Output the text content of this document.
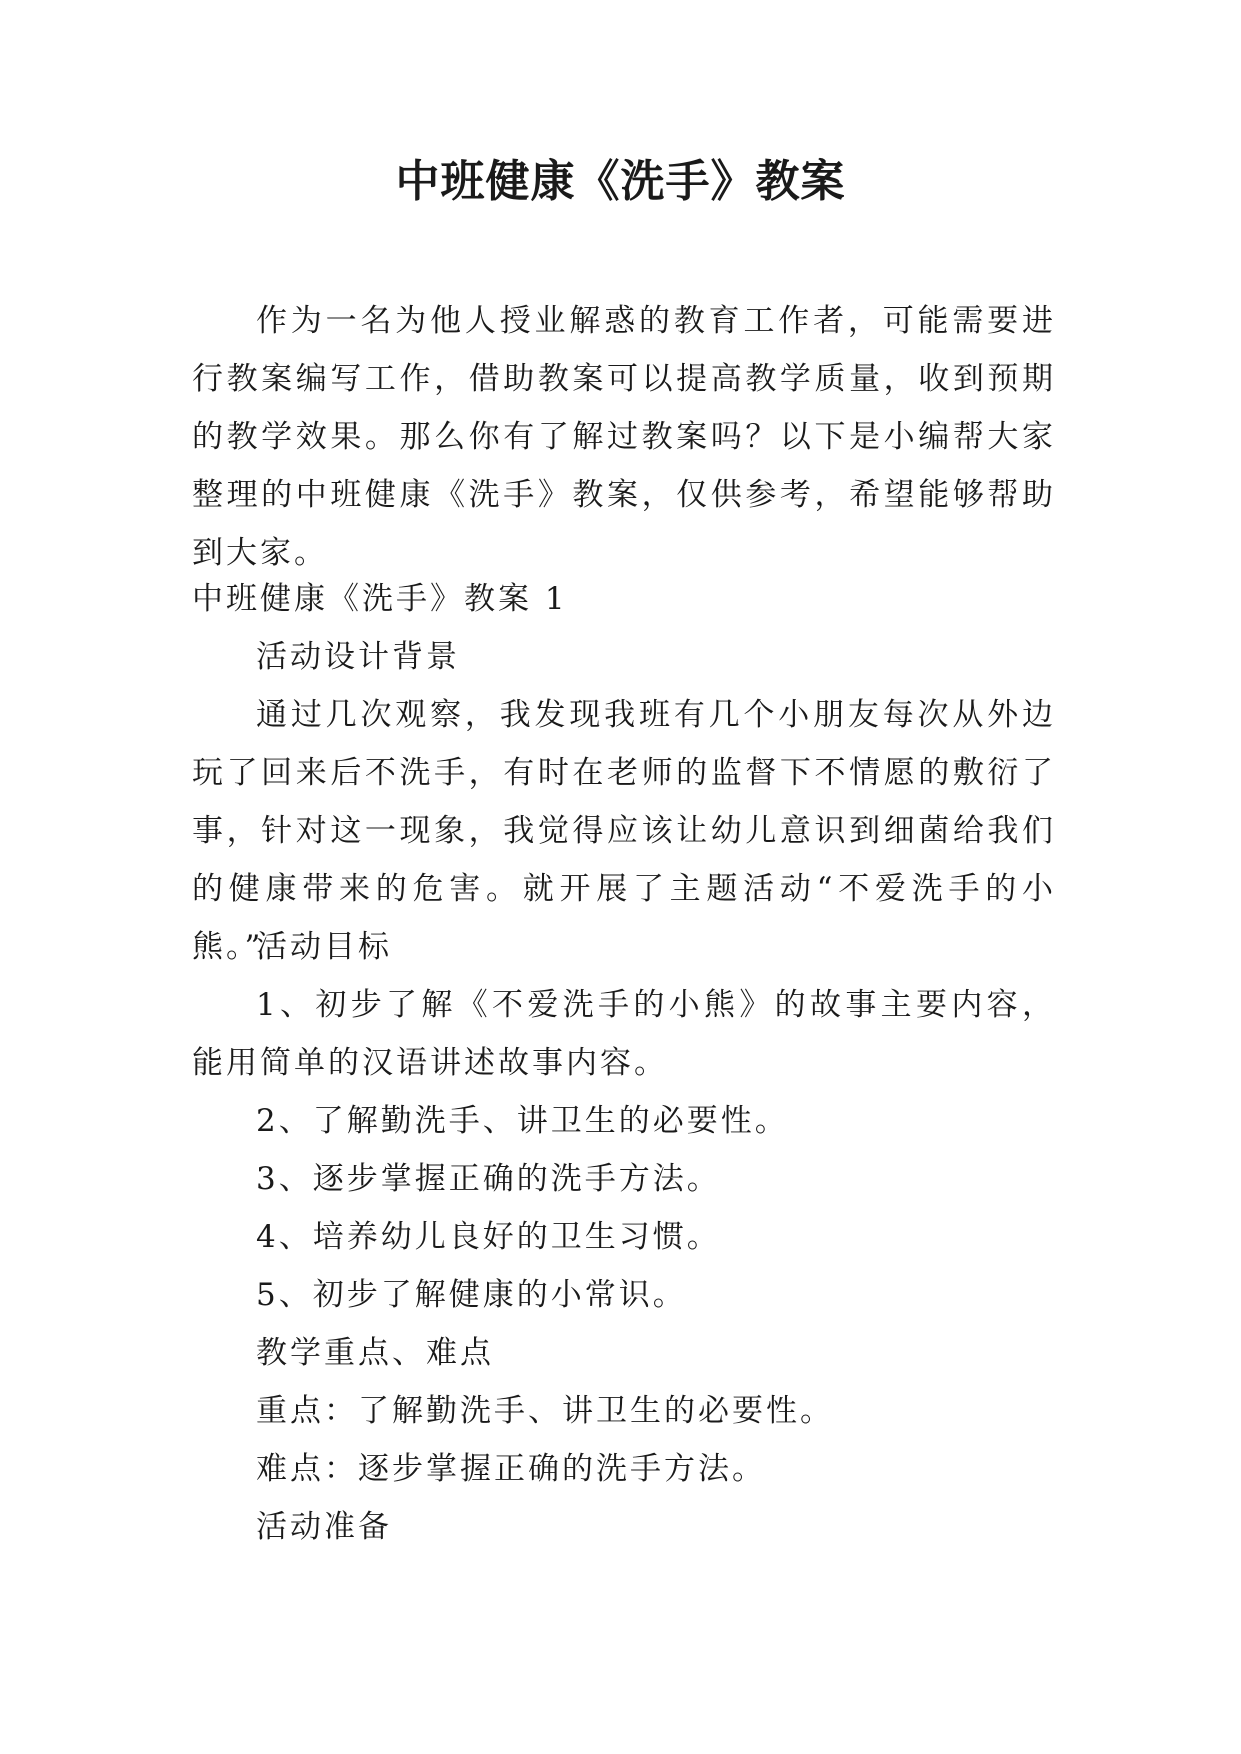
中班健康《洗手》教案
作为一名为他人授业解惑的教育工作者，可能需要进行教案编写工作，借助教案可以提高教学质量，收到预期的教学效果。那么你有了解过教案吗？以下是小编帮大家整理的中班健康《洗手》教案，仅供参考，希望能够帮助到大家。
中班健康《洗手》教案 1
活动设计背景
通过几次观察，我发现我班有几个小朋友每次从外边玩了回来后不洗手，有时在老师的监督下不情愿的敷衍了事，针对这一现象，我觉得应该让幼儿意识到细菌给我们的健康带来的危害。就开展了主题活动“不爱洗手的小熊。”
活动目标
1、初步了解《不爱洗手的小熊》的故事主要内容，能用简单的汉语讲述故事内容。
2、了解勤洗手、讲卫生的必要性。
3、逐步掌握正确的洗手方法。
4、培养幼儿良好的卫生习惯。
5、初步了解健康的小常识。
教学重点、难点
重点：了解勤洗手、讲卫生的必要性。
难点：逐步掌握正确的洗手方法。
活动准备
